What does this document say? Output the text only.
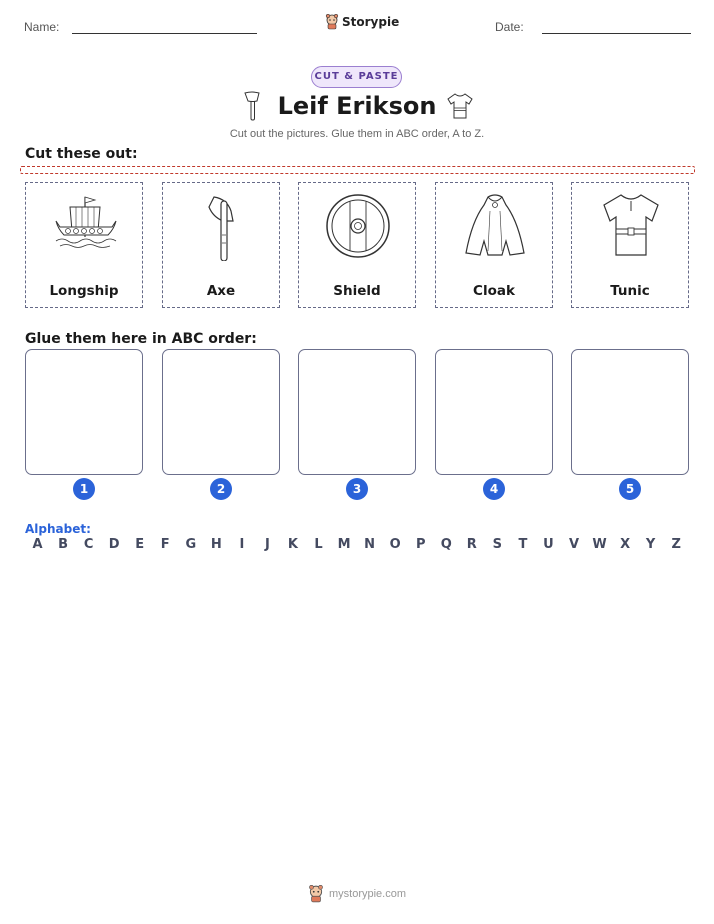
Name:	Storypie	Date:
CUT & PASTE
Leif Erikson
Cut out the pictures. Glue them in ABC order, A to Z.
Cut these out:
Longship	Axe	Shield	Cloak	Tunic
Glue them here in ABC order:
1	2	3	4	5
Alphabet:
A	B	C	D	E	F	G	H	I	J	K	L	M	N	O	P	Q	R	S	T	U	V	W	X	Y	Z
mystorypie.com
